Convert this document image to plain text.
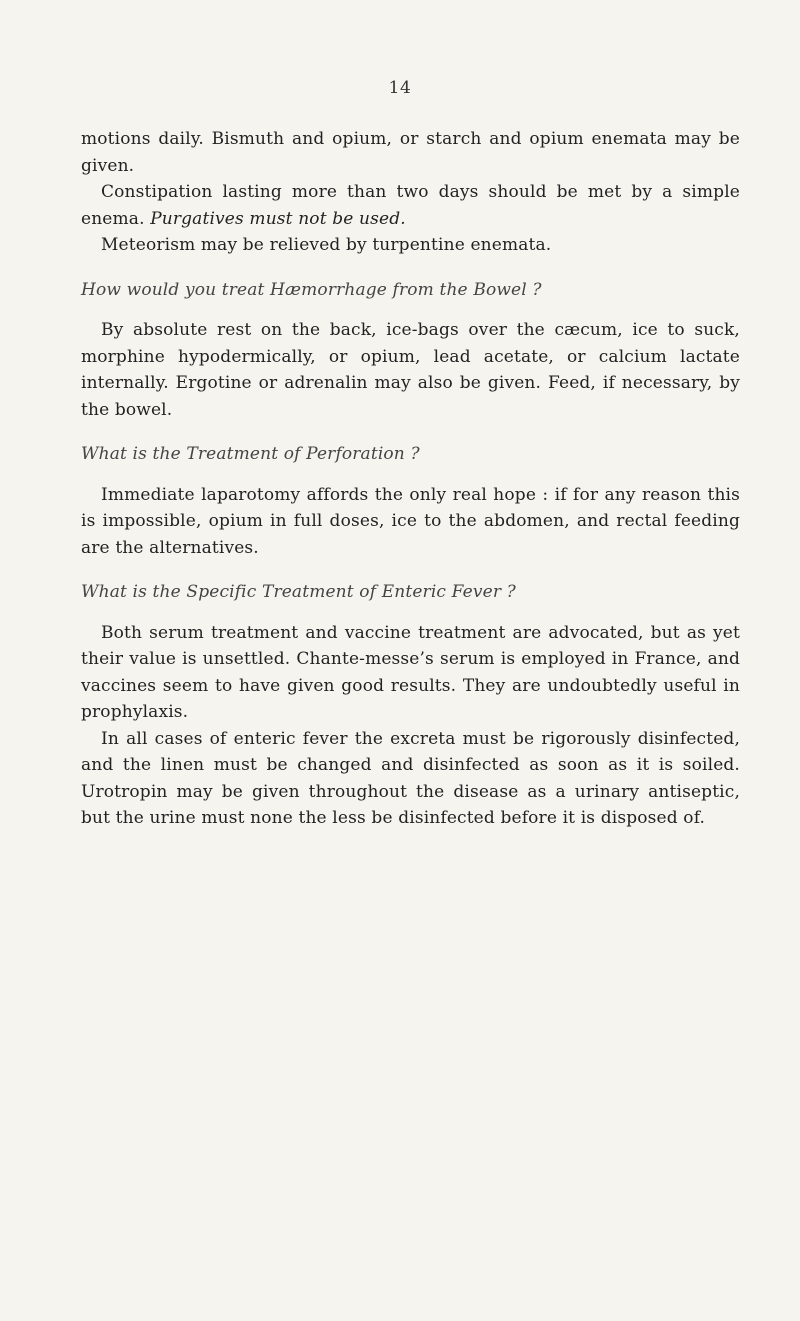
14

motions daily. Bismuth and opium, or starch and opium enemata may be given.

Constipation lasting more than two days should be met by a simple enema. Purgatives must not be used.

Meteorism may be relieved by turpentine enemata.

How would you treat Hæmorrhage from the Bowel ?

By absolute rest on the back, ice-bags over the cæcum, ice to suck, morphine hypodermically, or opium, lead acetate, or calcium lactate internally. Ergotine or adrenalin may also be given. Feed, if necessary, by the bowel.

What is the Treatment of Perforation ?

Immediate laparotomy affords the only real hope : if for any reason this is impossible, opium in full doses, ice to the abdomen, and rectal feeding are the alternatives.

What is the Specific Treatment of Enteric Fever ?

Both serum treatment and vaccine treatment are advocated, but as yet their value is unsettled. Chante-messe’s serum is employed in France, and vaccines seem to have given good results. They are undoubtedly useful in prophylaxis.

In all cases of enteric fever the excreta must be rigorously disinfected, and the linen must be changed and disinfected as soon as it is soiled. Urotropin may be given throughout the disease as a urinary antiseptic, but the urine must none the less be disinfected before it is disposed of.
